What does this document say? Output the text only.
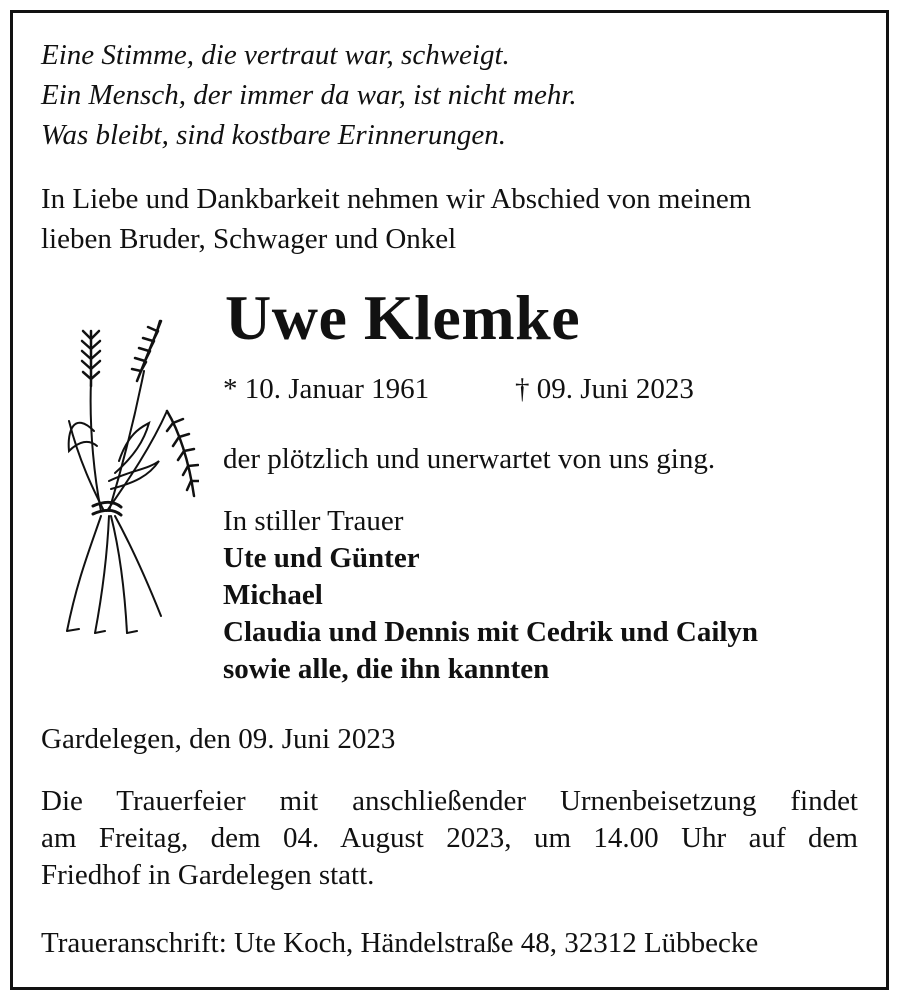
Eine Stimme, die vertraut war, schweigt.
Ein Mensch, der immer da war, ist nicht mehr.
Was bleibt, sind kostbare Erinnerungen.
In Liebe und Dankbarkeit nehmen wir Abschied von meinem
lieben Bruder, Schwager und Onkel
Uwe Klemke
* 10. Januar 1961	† 09. Juni 2023
der plötzlich und unerwartet von uns ging.
In stiller Trauer
Ute und Günter
Michael
Claudia und Dennis mit Cedrik und Cailyn
sowie alle, die ihn kannten
Gardelegen, den 09. Juni 2023
Die Trauerfeier mit anschließender Urnenbeisetzung findet
am Freitag, dem 04. August 2023, um 14.00 Uhr auf dem
Friedhof in Gardelegen statt.
Traueranschrift: Ute Koch, Händelstraße 48, 32312 Lübbecke
